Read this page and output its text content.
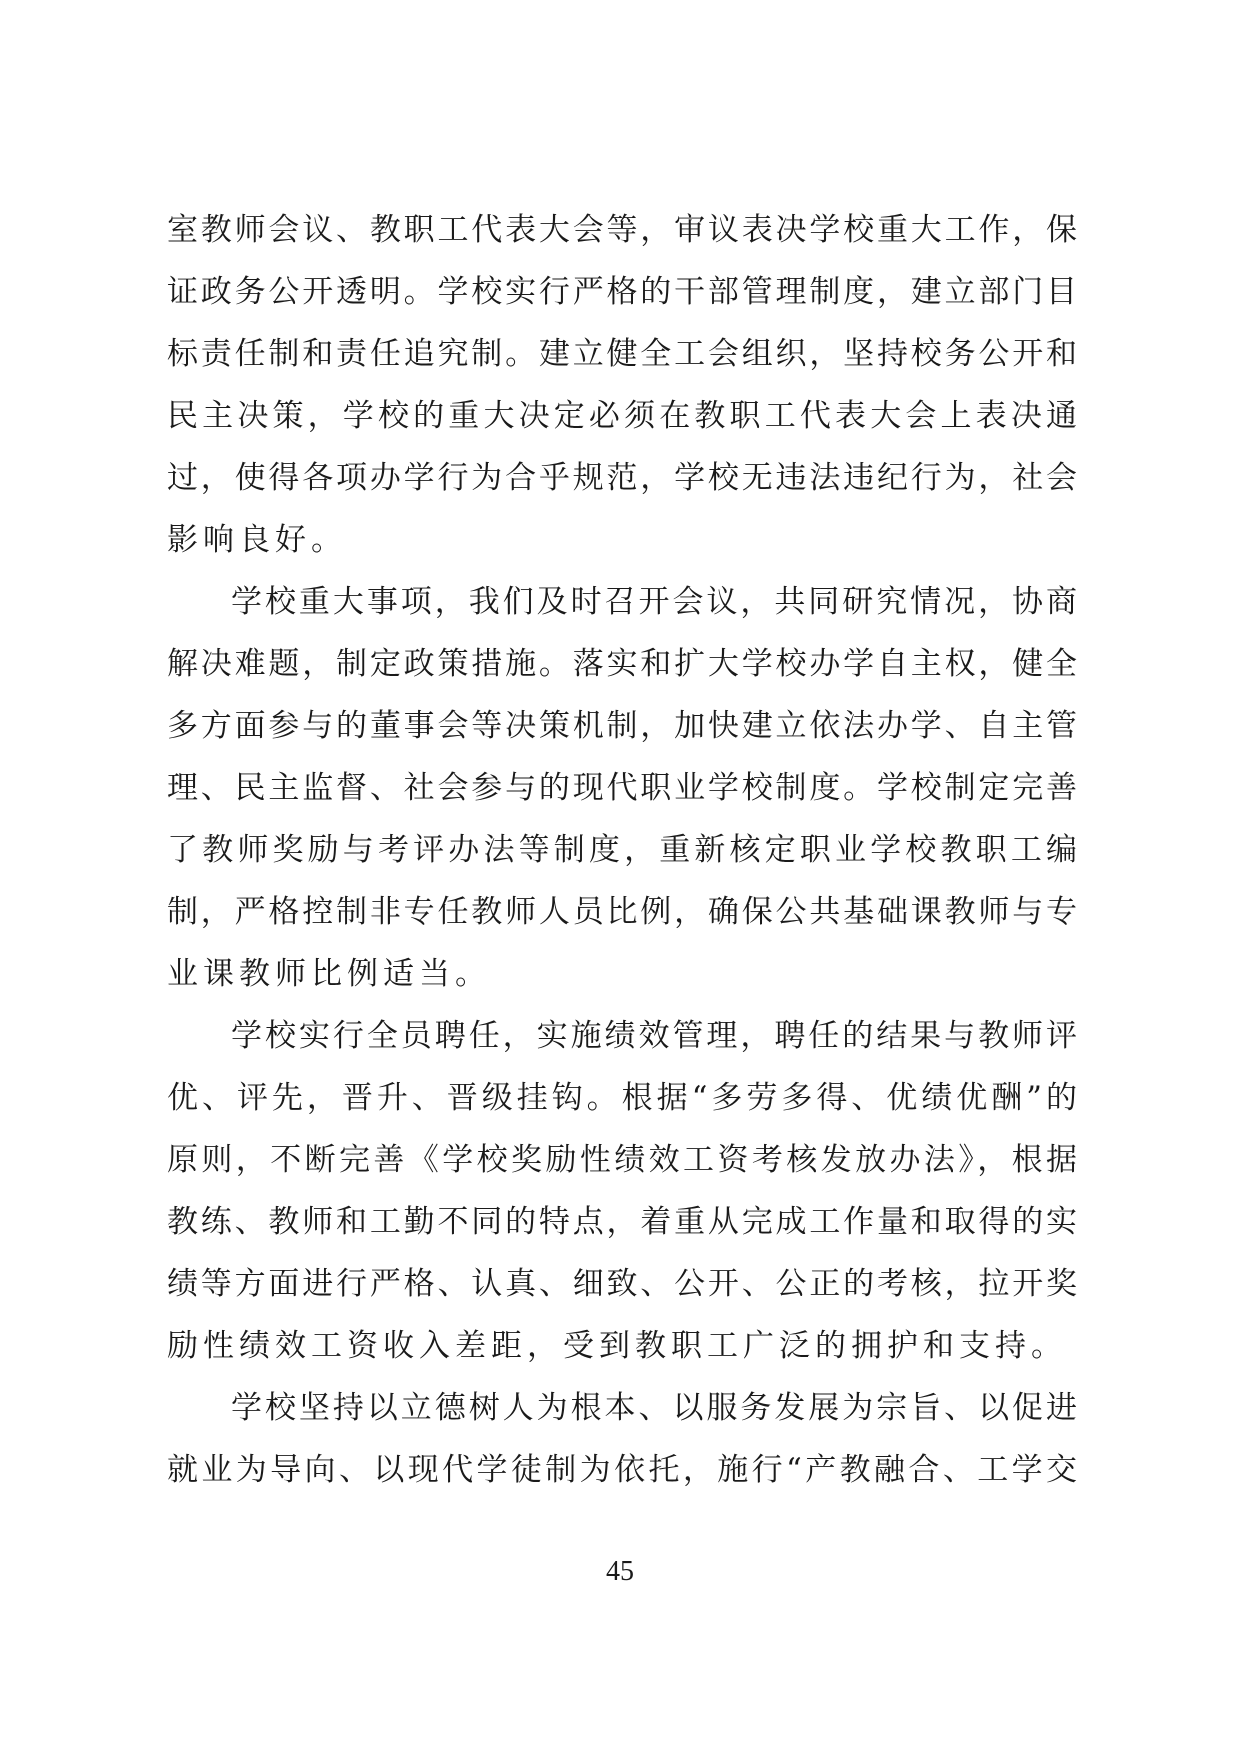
室教师会议、教职工代表大会等，审议表决学校重大工作，保
证政务公开透明。学校实行严格的干部管理制度，建立部门目
标责任制和责任追究制。建立健全工会组织，坚持校务公开和
民主决策，学校的重大决定必须在教职工代表大会上表决通
过，使得各项办学行为合乎规范，学校无违法违纪行为，社会
影响良好。
学校重大事项，我们及时召开会议，共同研究情况，协商
解决难题，制定政策措施。落实和扩大学校办学自主权，健全
多方面参与的董事会等决策机制，加快建立依法办学、自主管
理、民主监督、社会参与的现代职业学校制度。学校制定完善
了教师奖励与考评办法等制度，重新核定职业学校教职工编
制，严格控制非专任教师人员比例，确保公共基础课教师与专
业课教师比例适当。
学校实行全员聘任，实施绩效管理，聘任的结果与教师评
优、评先，晋升、晋级挂钩。根据“多劳多得、优绩优酬”的
原则，不断完善《学校奖励性绩效工资考核发放办法》，根据
教练、教师和工勤不同的特点，着重从完成工作量和取得的实
绩等方面进行严格、认真、细致、公开、公正的考核，拉开奖
励性绩效工资收入差距，受到教职工广泛的拥护和支持。
学校坚持以立德树人为根本、以服务发展为宗旨、以促进
就业为导向、以现代学徒制为依托，施行“产教融合、工学交
45
